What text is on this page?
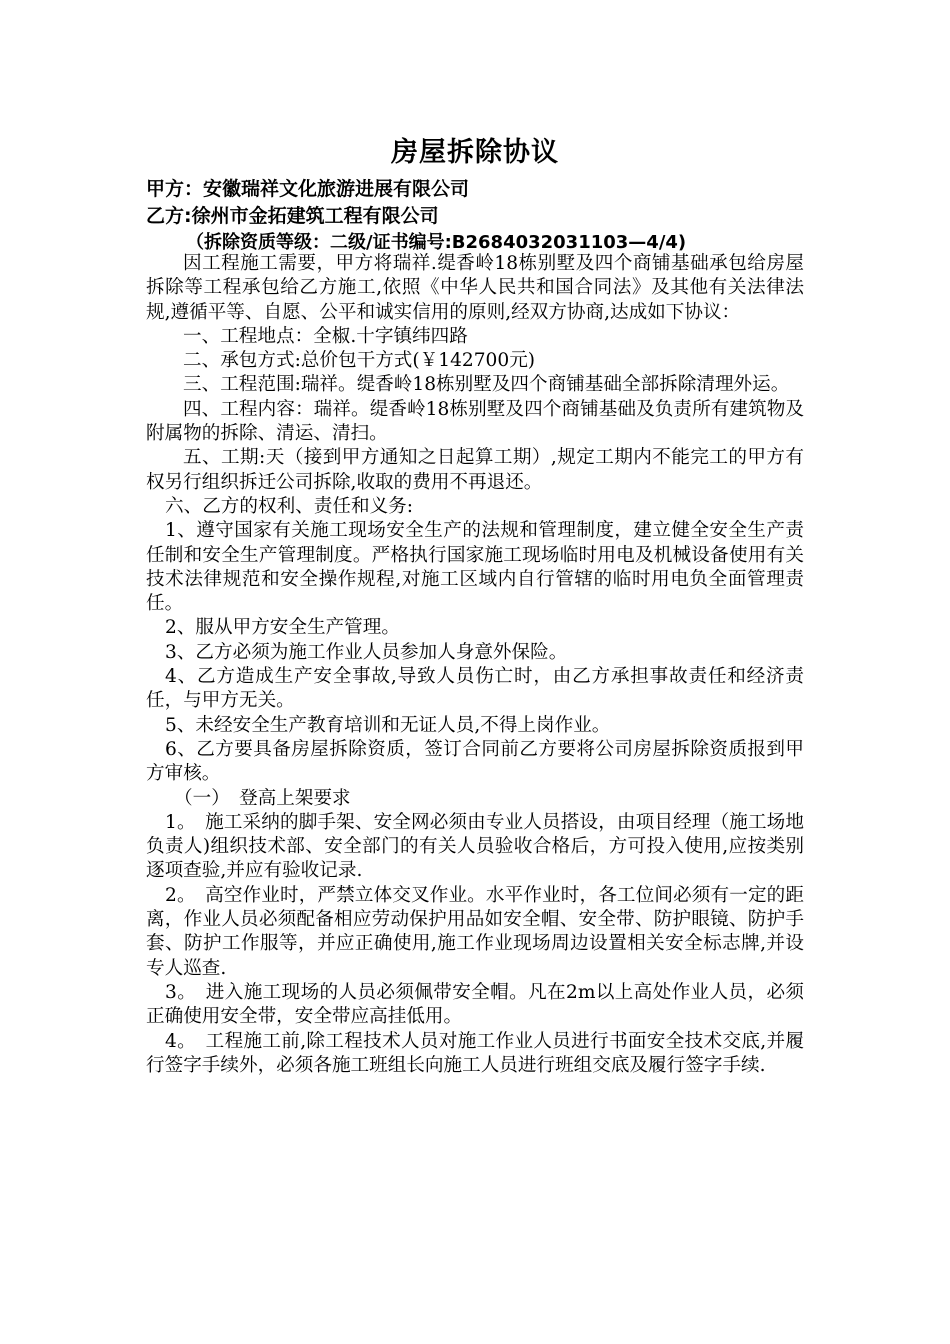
房屋拆除协议
甲方：安徽瑞祥文化旅游进展有限公司
乙方:徐州市金拓建筑工程有限公司
（拆除资质等级：二级/证书编号:B2684032031103—4/4)

因工程施工需要，甲方将瑞祥.缇香岭18栋别墅及四个商铺基础承包给房屋拆除等工程承包给乙方施工,依照《中华人民共和国合同法》及其他有关法律法规,遵循平等、自愿、公平和诚实信用的原则,经双方协商,达成如下协议：

一、工程地点：全椒.十字镇纬四路

二、承包方式:总价包干方式(￥142700元)

三、工程范围:瑞祥。缇香岭18栋别墅及四个商铺基础全部拆除清理外运。

四、工程内容：瑞祥。缇香岭18栋别墅及四个商铺基础及负责所有建筑物及附属物的拆除、清运、清扫。

五、工期:天（接到甲方通知之日起算工期）,规定工期内不能完工的甲方有权另行组织拆迁公司拆除,收取的费用不再退还。

六、乙方的权利、责任和义务:

1、遵守国家有关施工现场安全生产的法规和管理制度，建立健全安全生产责任制和安全生产管理制度。严格执行国家施工现场临时用电及机械设备使用有关技术法律规范和安全操作规程,对施工区域内自行管辖的临时用电负全面管理责任。

2、服从甲方安全生产管理。

3、乙方必须为施工作业人员参加人身意外保险。

4、乙方造成生产安全事故,导致人员伤亡时，由乙方承担事故责任和经济责任，与甲方无关。

5、未经安全生产教育培训和无证人员,不得上岗作业。

6、乙方要具备房屋拆除资质，签订合同前乙方要将公司房屋拆除资质报到甲方审核。

（一）　登高上架要求

1。　施工采纳的脚手架、安全网必须由专业人员搭设，由项目经理（施工场地负责人)组织技术部、安全部门的有关人员验收合格后，方可投入使用,应按类别逐项查验,并应有验收记录.

2。　高空作业时，严禁立体交叉作业。水平作业时，各工位间必须有一定的距离，作业人员必须配备相应劳动保护用品如安全帽、安全带、防护眼镜、防护手套、防护工作服等，并应正确使用,施工作业现场周边设置相关安全标志牌,并设专人巡查.

3。　进入施工现场的人员必须佩带安全帽。凡在2m以上高处作业人员，必须正确使用安全带，安全带应高挂低用。

4。　工程施工前,除工程技术人员对施工作业人员进行书面安全技术交底,并履行签字手续外，必须各施工班组长向施工人员进行班组交底及履行签字手续.
